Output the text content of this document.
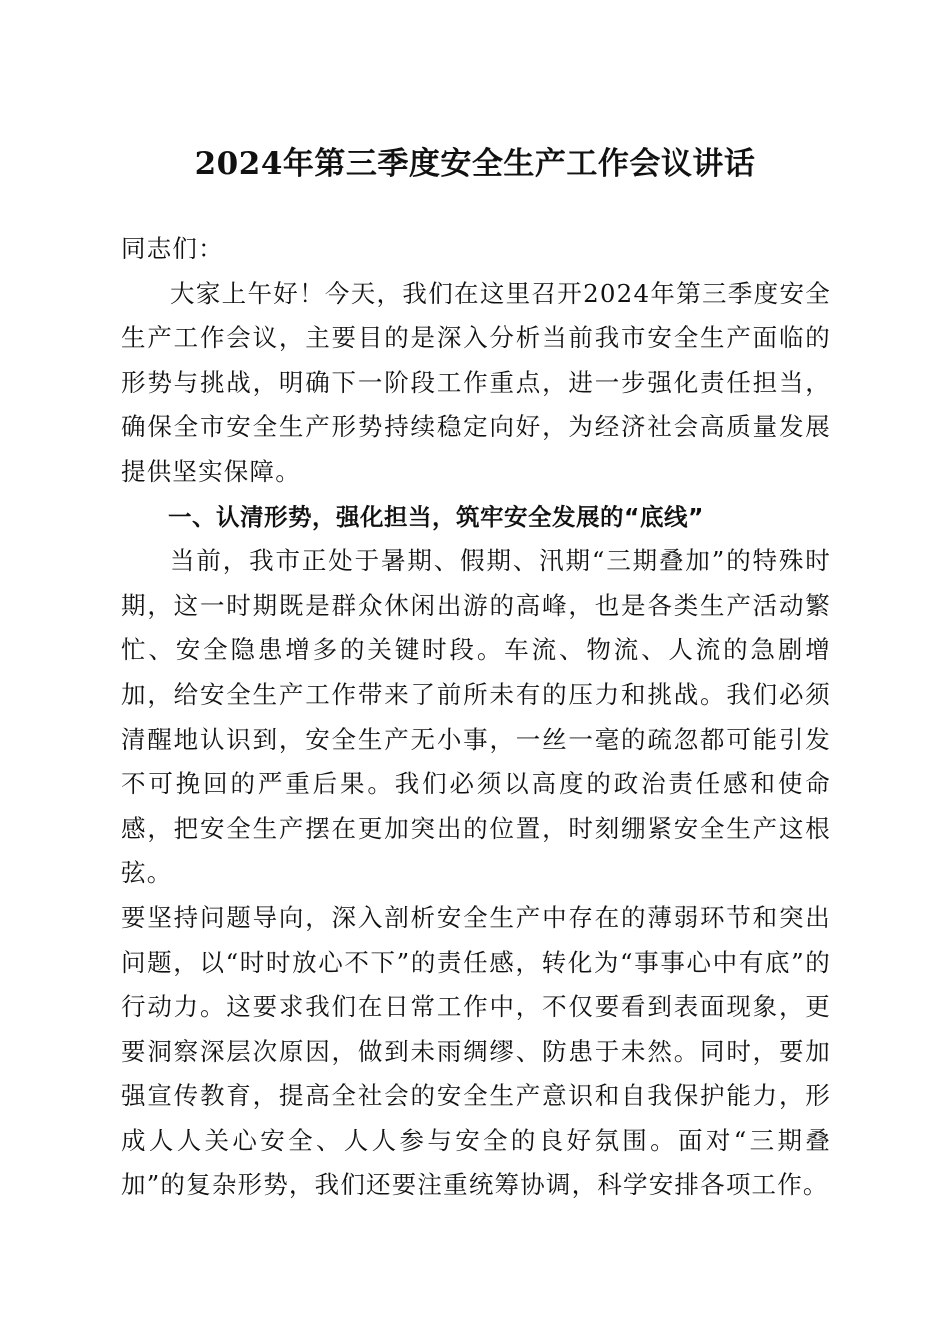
2024年第三季度安全生产工作会议讲话

同志们：

大家上午好！今天，我们在这里召开2024年第三季度安全生产工作会议，主要目的是深入分析当前我市安全生产面临的形势与挑战，明确下一阶段工作重点，进一步强化责任担当，确保全市安全生产形势持续稳定向好，为经济社会高质量发展提供坚实保障。

一、认清形势，强化担当，筑牢安全发展的“底线”

当前，我市正处于暑期、假期、汛期“三期叠加”的特殊时期，这一时期既是群众休闲出游的高峰，也是各类生产活动繁忙、安全隐患增多的关键时段。车流、物流、人流的急剧增加，给安全生产工作带来了前所未有的压力和挑战。我们必须清醒地认识到，安全生产无小事，一丝一毫的疏忽都可能引发不可挽回的严重后果。我们必须以高度的政治责任感和使命感，把安全生产摆在更加突出的位置，时刻绷紧安全生产这根弦。

要坚持问题导向，深入剖析安全生产中存在的薄弱环节和突出问题，以“时时放心不下”的责任感，转化为“事事心中有底”的行动力。这要求我们在日常工作中，不仅要看到表面现象，更要洞察深层次原因，做到未雨绸缪、防患于未然。同时，要加强宣传教育，提高全社会的安全生产意识和自我保护能力，形成人人关心安全、人人参与安全的良好氛围。面对“三期叠加”的复杂形势，我们还要注重统筹协调，科学安排各项工作。
